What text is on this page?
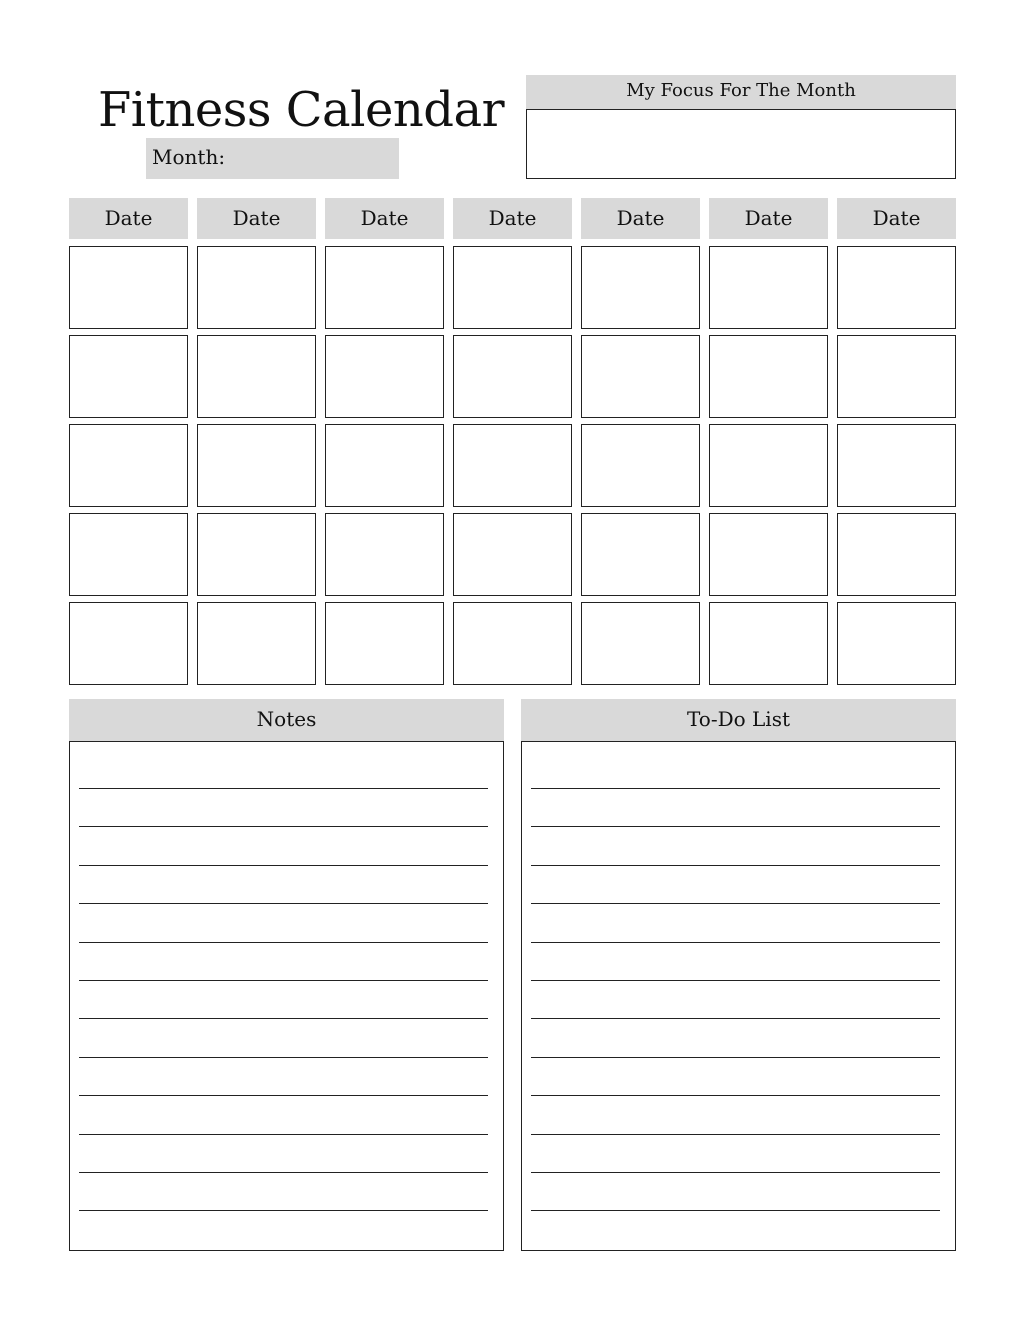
Fitness Calendar
Month:
My Focus For The Month
Notes	To-Do List
Date	Date	Date	Date	Date	Date	Date
